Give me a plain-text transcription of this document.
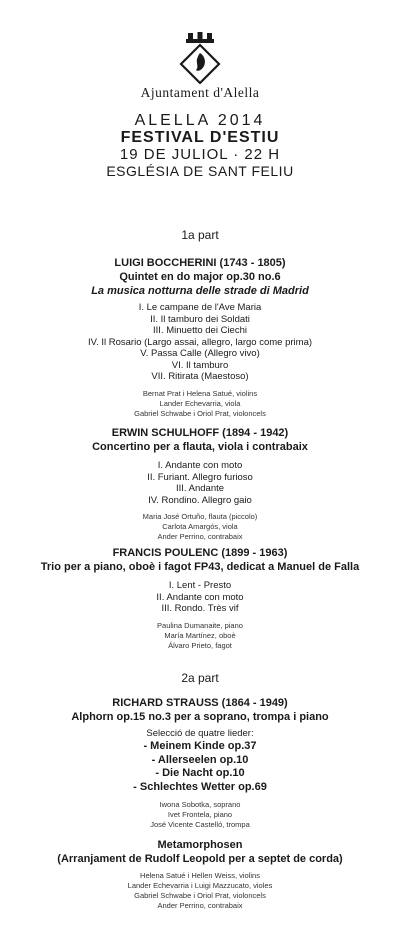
Ajuntament d'Alella
ALELLA 2014
FESTIVAL D'ESTIU
19 DE JULIOL · 22 H
ESGLÉSIA DE SANT FELIU
1a part
LUIGI BOCCHERINI (1743 - 1805)
Quintet en do major op.30 no.6
La musica notturna delle strade di Madrid
I. Le campane de l'Ave Maria
II. Il tamburo dei Soldati
III. Minuetto dei Ciechi
IV. Il Rosario (Largo assai, allegro, largo come prima)
V. Passa Calle (Allegro vivo)
VI. Il tamburo
VII. Ritirata (Maestoso)
Bernat Prat i Helena Satué, violins
Lander Echevarria, viola
Gabriel Schwabe i Oriol Prat, violoncels
ERWIN SCHULHOFF (1894 - 1942)
Concertino per a flauta, viola i contrabaix
I. Andante con moto
II. Furiant. Allegro furioso
III. Andante
IV. Rondino. Allegro gaio
Maria José Ortuño, flauta (piccolo)
Carlota Amargós, viola
Ander Perrino, contrabaix
FRANCIS POULENC (1899 - 1963)
Trio per a piano, oboè i fagot FP43, dedicat a Manuel de Falla
I. Lent - Presto
II. Andante con moto
III. Rondo. Très vif
Paulina Dumanaite, piano
María Martínez, oboè
Álvaro Prieto, fagot
2a part
RICHARD STRAUSS (1864 - 1949)
Alphorn op.15 no.3 per a soprano, trompa i piano
Selecció de quatre lieder:
- Meinem Kinde op.37
- Allerseelen op.10
- Die Nacht op.10
- Schlechtes Wetter op.69
Iwona Sobotka, soprano
Ivet Frontela, piano
José Vicente Castelló, trompa
Metamorphosen
(Arranjament de Rudolf Leopold per a septet de corda)
Helena Satué i Hellen Weiss, violins
Lander Echevarria i Luigi Mazzucato, violes
Gabriel Schwabe i Oriol Prat, violoncels
Ander Perrino, contrabaix
